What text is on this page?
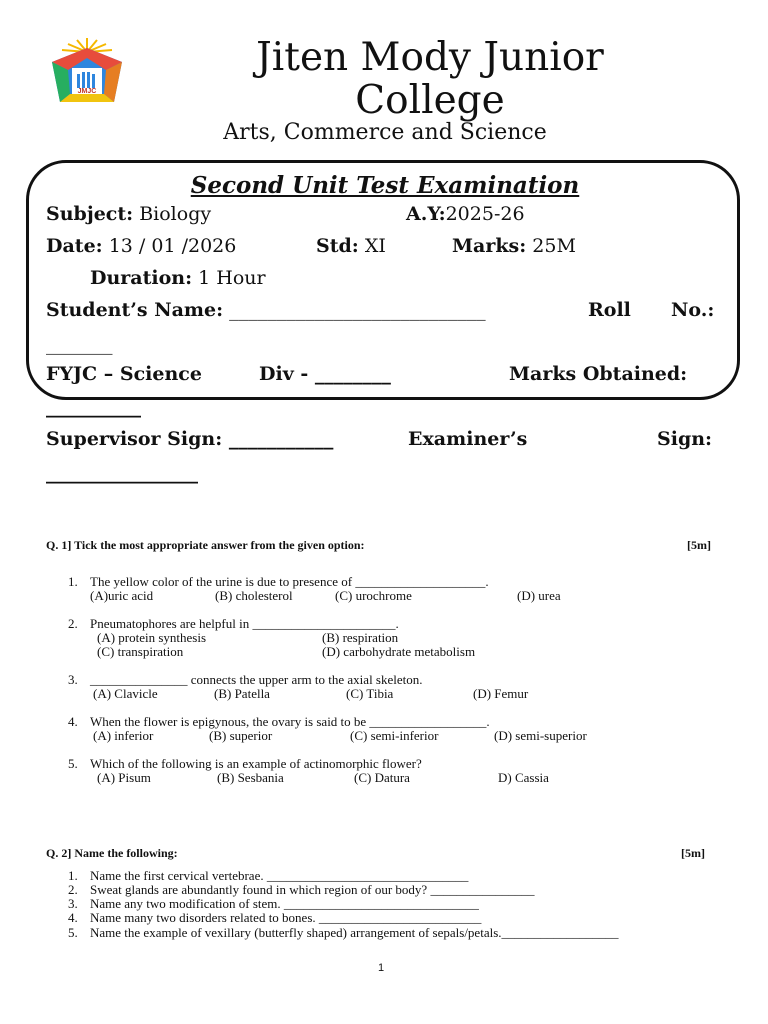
JMJC
Jiten Mody Junior
College
Arts, Commerce and Science
Second Unit Test Examination
Subject: Biology	A.Y:2025-26
Date: 13 / 01 /2026	Std: XI	Marks: 25M
Duration: 1 Hour
Student’s Name: ___________________________	Roll No.:
_______
FYJC – Science	Div - ________	Marks Obtained:
__________
Supervisor Sign: ___________	Examiner’s	Sign:
________________
Q. 1] Tick the most appropriate answer from the given option:	[5m]
1. The yellow color of the urine is due to presence of ____________________.
(A)uric acid	(B) cholesterol	(C) urochrome	(D) urea
2. Pneumatophores are helpful in ______________________.
(A) protein synthesis	(B) respiration
(C) transpiration	(D) carbohydrate metabolism
3. _______________ connects the upper arm to the axial skeleton.
(A) Clavicle	(B) Patella	(C) Tibia	(D) Femur
4. When the flower is epigynous, the ovary is said to be __________________.
(A) inferior	(B) superior	(C) semi-inferior	(D) semi-superior
5. Which of the following is an example of actinomorphic flower?
(A) Pisum	(B) Sesbania	(C) Datura	D) Cassia
Q. 2] Name the following:	[5m]
1. Name the first cervical vertebrae. _______________________________
2. Sweat glands are abundantly found in which region of our body? ________________
3. Name any two modification of stem. ______________________________
4. Name many two disorders related to bones. _________________________
5. Name the example of vexillary (butterfly shaped) arrangement of sepals/petals.__________________
1
